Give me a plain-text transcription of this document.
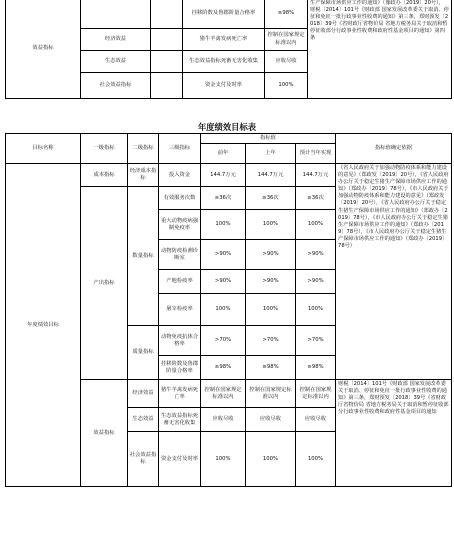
效益指标			挂移阶数及鲁郡阶量合格率	≥98%	生产保障市场供应工作的通知》（豫政办〔2019〕20号），财税〔2014〕101号《财政部 国家发展改革委关于取消、停征和免征一批行政事业性收费的通知》第三条，郑财预发〔2018〕39号《省财政厅省物价局 省地方税务局关于取消和暂停征收部分行政事业性收费和政府性基金项目的通知》第四条
	经济效益		猪牛羊禽发病死亡率	控制在国家规定标准以内	
	生态效益		生态效益指标死畜无害化收集	应收尽收	
	社会效益指标		资金支付及时率	100%	
年度绩效目标表
目标名称	一级指标	二级指标	三级指标	指标值			指标值确定依据
				前年	上年	预计当年实现	

年度绩效目标	成本指标	经济成本指标	投入资金	144.7万元	144.7万元	144.7万元	《省人民政府关于加强动物防疫体系和能力建设的意见》（郑政发〔2019〕20号），《省人民政府办公厅关于稳定生猪生产保障市场供应工作的通知》（郑政办〔2019〕78号），《市人民政府关于加强动物防疫体系和能力建设的意见》（郑政发〔2019〕20号），《省人民政府办公厅关于稳定生猪生产保障市场供应工作的通知》（郑政办〔2019〕78号），《市人民政府办公厅关于稳定生猪生产保障市场供应工作的通知》（郑政办〔2019〕78号），《市人民政府办公厅关于稳定生猪生产保障市场供应工作的通知》（郑政办〔2019〕78号）
	产出指标	数量指标	有效服务次数	≥36次	≥36次	≥36次	
			重大动物疫病强制免疫率	100%	100%	100%	
			动物防疫检测诊断室	>90%	>90%	>90%	
			产地检疫率	>90%	>90%	>90%	
			屠宰检疫率	100%	100%	100%	
		质量指标	动物免疫抗体合格率	>70%	>70%	>70%	
			挂移阶数及鲁郡阶量合格率	≥98%	≥98%	≥98%	
	效益指标	经济效益	猪牛羊禽发病死亡率	控制在国家规定标准以内	控制在国家规定标准以内	控制在国家规定标准以内	财税〔2014〕101号《财政部 国家发展改革委关于取消、停征和免征一批行政事业性收费的通知》第三条，郑财预发〔2018〕39号《省财政厅省物价局 省地方税务局关于取消和暂停征收部分行政事业性收费和政府性基金项目的通知
		生态效益	生态效益指标死畜无害化收集	应收尽收	应收尽收	应收尽收	
		社会效益指标	资金支付及时率	100%	100%	100%	
